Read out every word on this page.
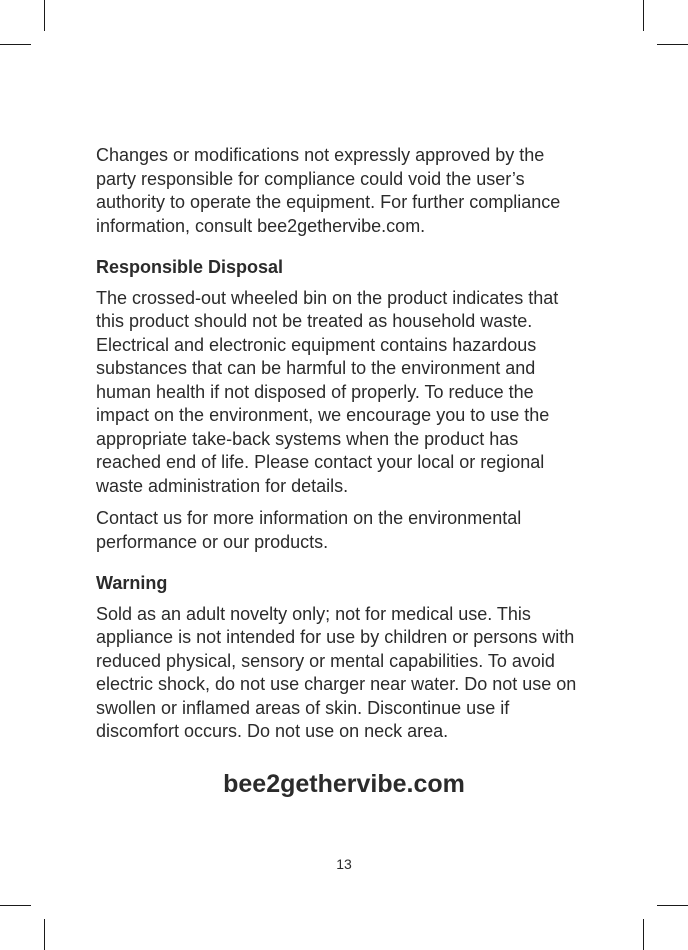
Changes or modifications not expressly approved by the party responsible for compliance could void the user’s authority to operate the equipment. For further compliance information, consult bee2gethervibe.com.

Responsible Disposal

The crossed-out wheeled bin on the product indicates that this product should not be treated as household waste. Electrical and electronic equipment contains hazardous substances that can be harmful to the environment and human health if not disposed of properly. To reduce the impact on the environment, we encourage you to use the appropriate take-back systems when the product has reached end of life. Please contact your local or regional waste administration for details.

Contact us for more information on the environmental performance or our products.

Warning

Sold as an adult novelty only; not for medical use. This appliance is not intended for use by children or persons with reduced physical, sensory or mental capabilities. To avoid electric shock, do not use charger near water. Do not use on swollen or inflamed areas of skin. Discontinue use if discomfort occurs. Do not use on neck area.

bee2gethervibe.com
13
